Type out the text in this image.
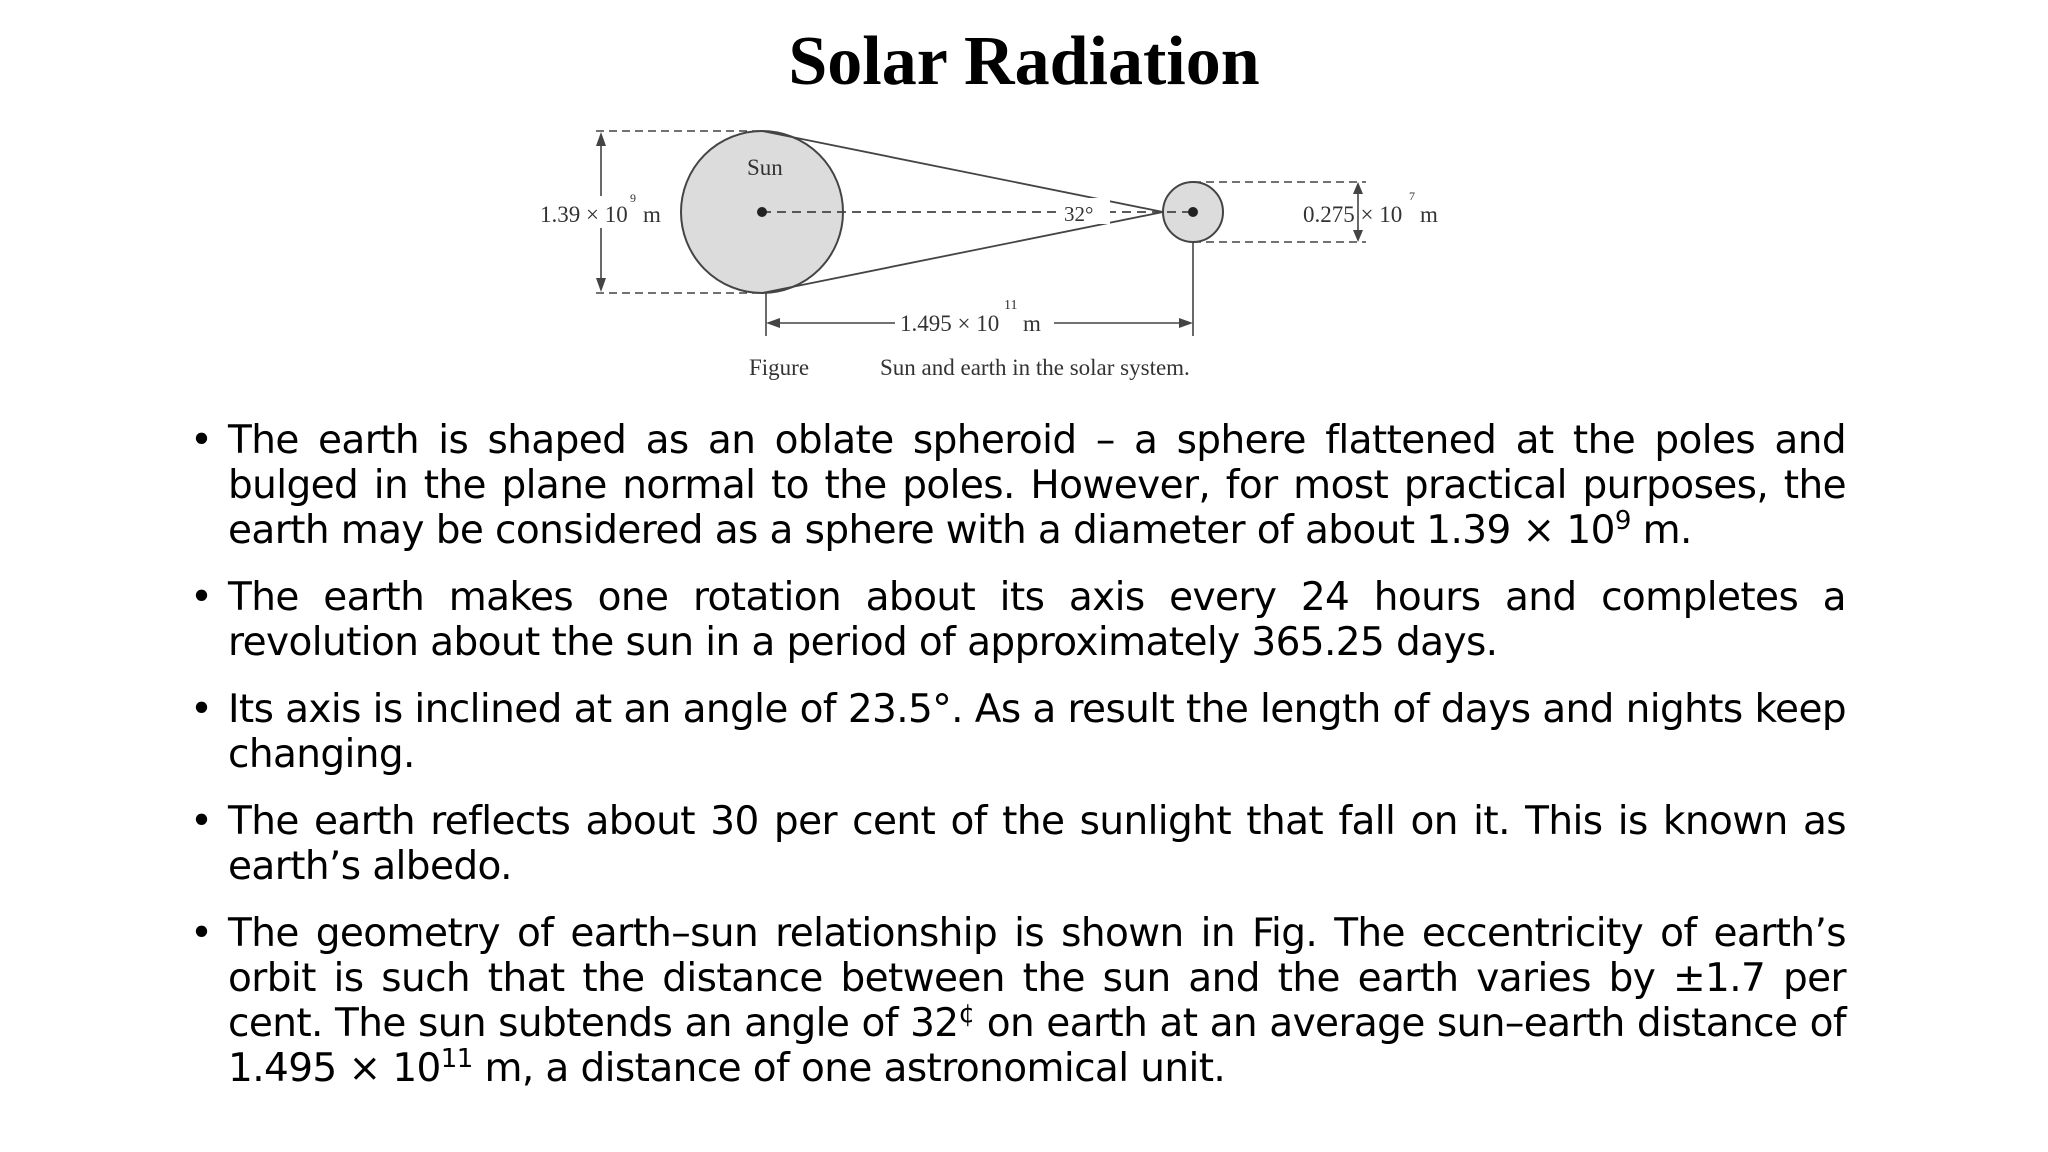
Solar Radiation
Sun
1.39 × 10
9
m	32°	0.275 × 10
7
m
1.495 × 10
11
m
Figure	Sun and earth in the solar system.
• The earth is shaped as an oblate spheroid – a sphere flattened at the poles and bulged in the plane normal to the poles. However, for most practical purposes, the earth may be considered as a sphere with a diameter of about $1.39 \times 10^9$ m.
• The earth makes one rotation about its axis every 24 hours and completes a revolution about the sun in a period of approximately 365.25 days.
• Its axis is inclined at an angle of 23.5°. As a result the length of days and nights keep changing.
• The earth reflects about 30 per cent of the sunlight that fall on it. This is known as earth’s albedo.
• The geometry of earth–sun relationship is shown in Fig. The eccentricity of earth’s orbit is such that the distance between the sun and the earth varies by ±1.7 per cent. The sun subtends an angle of 32¢ on earth at an average sun–earth distance of $1.495 \times 10^{11}$ m, a distance of one astronomical unit.
